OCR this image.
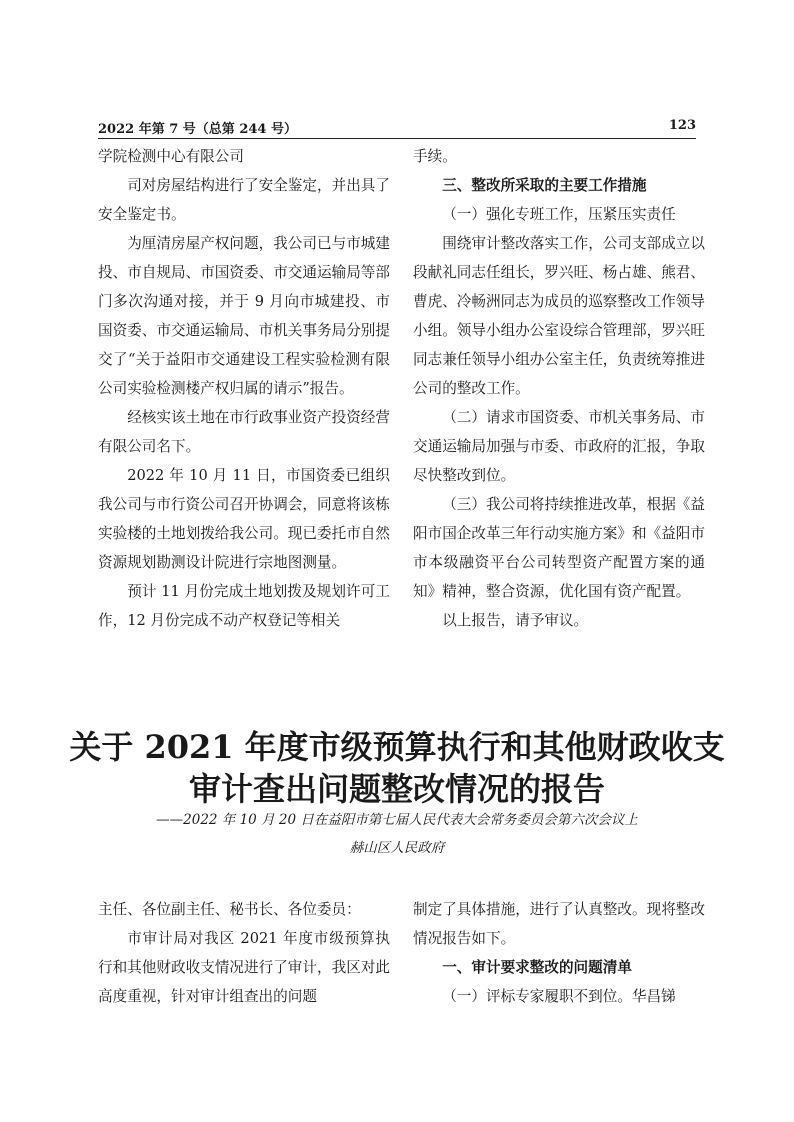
2022 年第 7 号（总第 244 号）	123

学院检测中心有限公司

司对房屋结构进行了安全鉴定，并出具了安全鉴定书。

为厘清房屋产权问题，我公司已与市城建投、市自规局、市国资委、市交通运输局等部门多次沟通对接，并于 9 月向市城建投、市国资委、市交通运输局、市机关事务局分别提交了“关于益阳市交通建设工程实验检测有限公司实验检测楼产权归属的请示”报告。

经核实该土地在市行政事业资产投资经营有限公司名下。

2022 年 10 月 11 日，市国资委已组织我公司与市行资公司召开协调会，同意将该栋实验楼的土地划拨给我公司。现已委托市自然资源规划勘测设计院进行宗地图测量。

预计 11 月份完成土地划拨及规划许可工作，12 月份完成不动产权登记等相关

手续。

三、整改所采取的主要工作措施

（一）强化专班工作，压紧压实责任

围绕审计整改落实工作，公司支部成立以段献礼同志任组长，罗兴旺、杨占雄、熊君、曹虎、冷畅洲同志为成员的巡察整改工作领导小组。领导小组办公室设综合管理部，罗兴旺同志兼任领导小组办公室主任，负责统筹推进公司的整改工作。

（二）请求市国资委、市机关事务局、市交通运输局加强与市委、市政府的汇报，争取尽快整改到位。

（三）我公司将持续推进改革，根据《益阳市国企改革三年行动实施方案》和《益阳市市本级融资平台公司转型资产配置方案的通知》精神，整合资源，优化国有资产配置。

以上报告，请予审议。

关于 2021 年度市级预算执行和其他财政收支
审计查出问题整改情况的报告
——2022 年 10 月 20 日在益阳市第七届人民代表大会常务委员会第六次会议上
赫山区人民政府

主任、各位副主任、秘书长、各位委员：

市审计局对我区 2021 年度市级预算执行和其他财政收支情况进行了审计，我区对此高度重视，针对审计组查出的问题

制定了具体措施，进行了认真整改。现将整改情况报告如下。

一、审计要求整改的问题清单

（一）评标专家履职不到位。华昌锑
